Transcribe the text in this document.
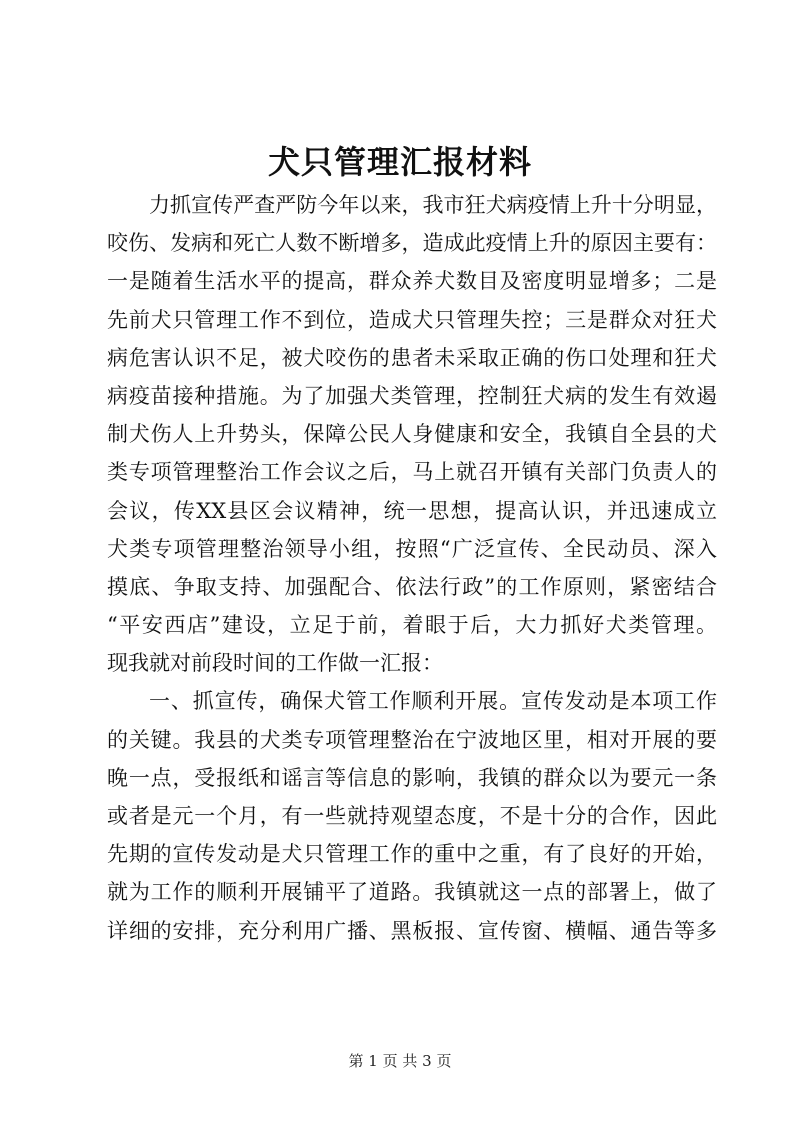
犬只管理汇报材料
力抓宣传严查严防今年以来，我市狂犬病疫情上升十分明显，
咬伤、发病和死亡人数不断增多，造成此疫情上升的原因主要有：
一是随着生活水平的提高，群众养犬数目及密度明显增多；二是
先前犬只管理工作不到位，造成犬只管理失控；三是群众对狂犬
病危害认识不足，被犬咬伤的患者未采取正确的伤口处理和狂犬
病疫苗接种措施。为了加强犬类管理，控制狂犬病的发生有效遏
制犬伤人上升势头，保障公民人身健康和安全，我镇自全县的犬
类专项管理整治工作会议之后，马上就召开镇有关部门负责人的
会议，传XX县区会议精神，统一思想，提高认识，并迅速成立
犬类专项管理整治领导小组，按照“广泛宣传、全民动员、深入
摸底、争取支持、加强配合、依法行政”的工作原则，紧密结合
“平安西店”建设，立足于前，着眼于后，大力抓好犬类管理。
现我就对前段时间的工作做一汇报：
一、抓宣传，确保犬管工作顺利开展。宣传发动是本项工作
的关键。我县的犬类专项管理整治在宁波地区里，相对开展的要
晚一点，受报纸和谣言等信息的影响，我镇的群众以为要元一条
或者是元一个月，有一些就持观望态度，不是十分的合作，因此
先期的宣传发动是犬只管理工作的重中之重，有了良好的开始，
就为工作的顺利开展铺平了道路。我镇就这一点的部署上，做了
详细的安排，充分利用广播、黑板报、宣传窗、横幅、通告等多
第 1 页 共 3 页
